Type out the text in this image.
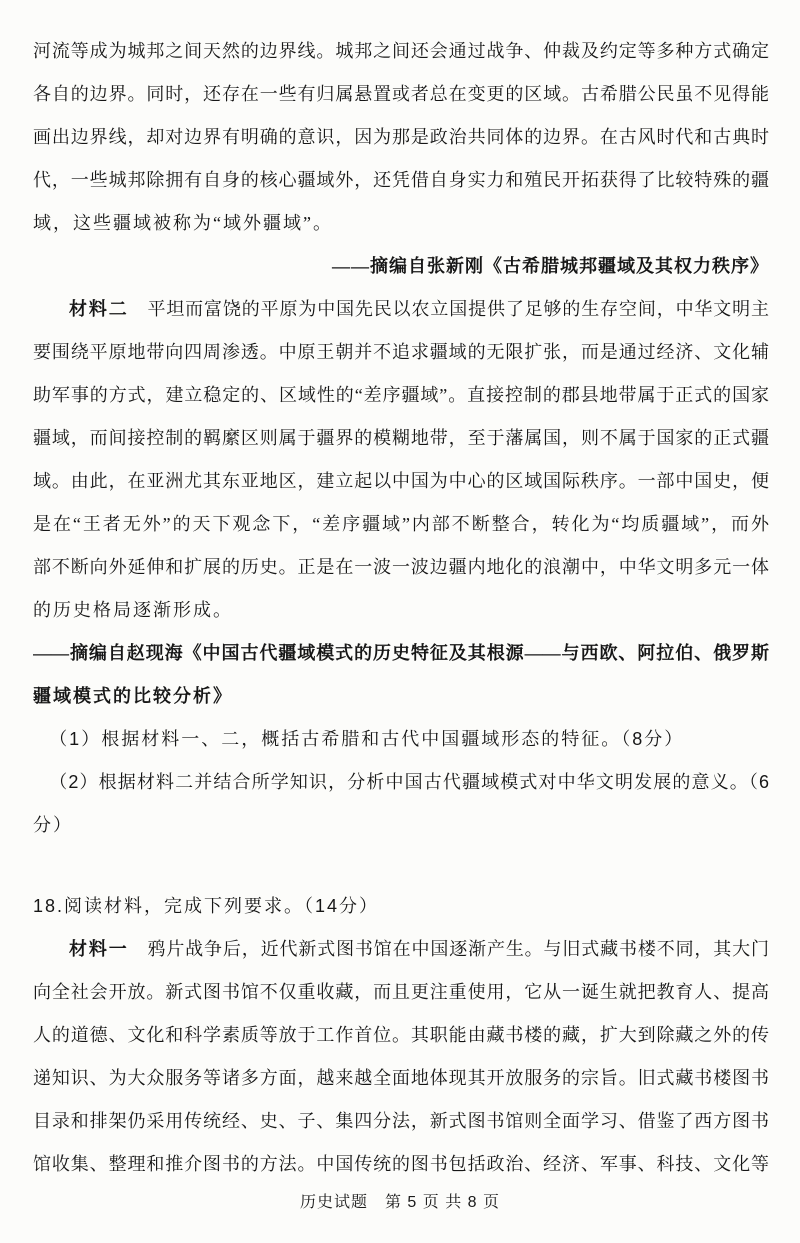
河流等成为城邦之间天然的边界线。城邦之间还会通过战争、仲裁及约定等多种方式确定
各自的边界。同时，还存在一些有归属悬置或者总在变更的区域。古希腊公民虽不见得能
画出边界线，却对边界有明确的意识，因为那是政治共同体的边界。在古风时代和古典时
代，一些城邦除拥有自身的核心疆域外，还凭借自身实力和殖民开拓获得了比较特殊的疆
域，这些疆域被称为“域外疆域”。
——摘编自张新刚《古希腊城邦疆域及其权力秩序》
材料二　平坦而富饶的平原为中国先民以农立国提供了足够的生存空间，中华文明主
要围绕平原地带向四周渗透。中原王朝并不追求疆域的无限扩张，而是通过经济、文化辅
助军事的方式，建立稳定的、区域性的“差序疆域”。直接控制的郡县地带属于正式的国家
疆域，而间接控制的羁縻区则属于疆界的模糊地带，至于藩属国，则不属于国家的正式疆
域。由此，在亚洲尤其东亚地区，建立起以中国为中心的区域国际秩序。一部中国史，便
是在“王者无外”的天下观念下，“差序疆域”内部不断整合，转化为“均质疆域”，而外
部不断向外延伸和扩展的历史。正是在一波一波边疆内地化的浪潮中，中华文明多元一体
的历史格局逐渐形成。
——摘编自赵现海《中国古代疆域模式的历史特征及其根源——与西欧、阿拉伯、俄罗斯
疆域模式的比较分析》
（1）根据材料一、二，概括古希腊和古代中国疆域形态的特征。（8分）
（2）根据材料二并结合所学知识，分析中国古代疆域模式对中华文明发展的意义。（6
分）
18.阅读材料，完成下列要求。（14分）
材料一　鸦片战争后，近代新式图书馆在中国逐渐产生。与旧式藏书楼不同，其大门
向全社会开放。新式图书馆不仅重收藏，而且更注重使用，它从一诞生就把教育人、提高
人的道德、文化和科学素质等放于工作首位。其职能由藏书楼的藏，扩大到除藏之外的传
递知识、为大众服务等诸多方面，越来越全面地体现其开放服务的宗旨。旧式藏书楼图书
目录和排架仍采用传统经、史、子、集四分法，新式图书馆则全面学习、借鉴了西方图书
馆收集、整理和推介图书的方法。中国传统的图书包括政治、经济、军事、科技、文化等
历史试题　第 5 页 共 8 页
